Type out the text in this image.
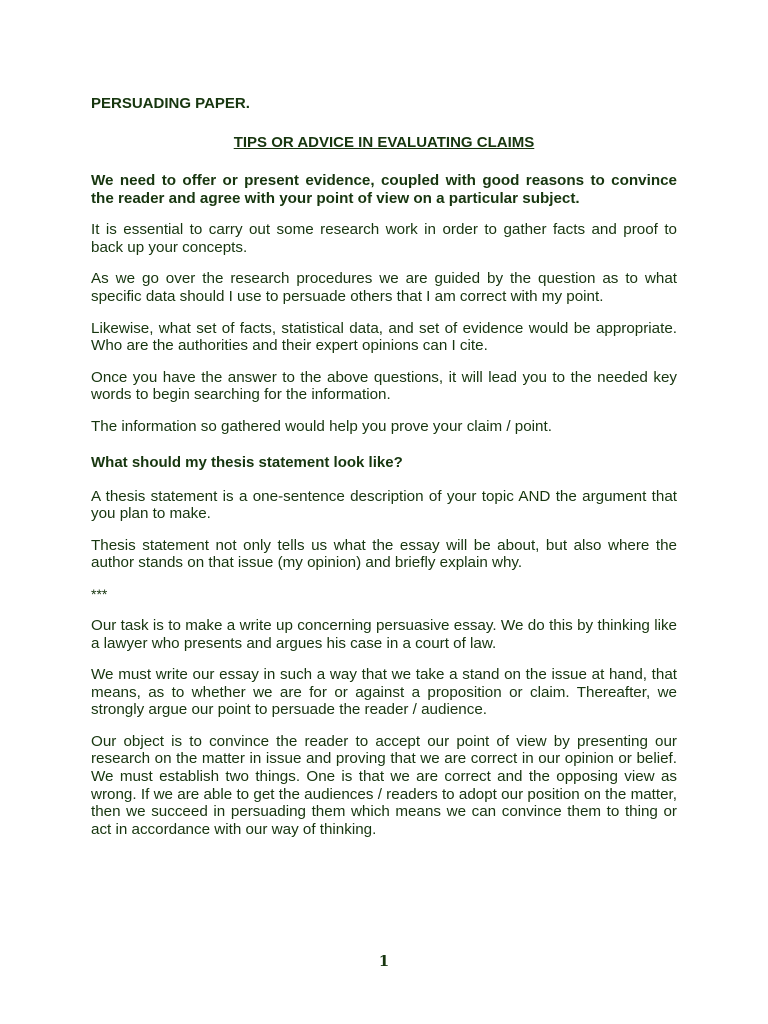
PERSUADING PAPER.
TIPS OR ADVICE IN EVALUATING CLAIMS

We need to offer or present evidence, coupled with good reasons to convince the reader and agree with your point of view on a particular subject.

It is essential to carry out some research work in order to gather facts and proof to back up your concepts.

As we go over the research procedures we are guided by the question as to what specific data should I use to persuade others that I am correct with my point.

Likewise, what set of facts, statistical data, and set of evidence would be appropriate. Who are the authorities and their expert opinions can I cite.

Once you have the answer to the above questions, it will lead you to the needed key words to begin searching for the information.

The information so gathered would help you prove your claim / point.

What should my thesis statement look like?

A thesis statement is a one-sentence description of your topic AND the argument that you plan to make.

Thesis statement not only tells us what the essay will be about, but also where the author stands on that issue (my opinion) and briefly explain why.

***

Our task is to make a write up concerning persuasive essay. We do this by thinking like a lawyer who presents and argues his case in a court of law.

We must write our essay in such a way that we take a stand on the issue at hand, that means, as to whether we are for or against a proposition or claim. Thereafter, we strongly argue our point to persuade the reader / audience.

Our object is to convince the reader to accept our point of view by presenting our research on the matter in issue and proving that we are correct in our opinion or belief. We must establish two things. One is that we are correct and the opposing view as wrong. If we are able to get the audiences / readers to adopt our position on the matter, then we succeed in persuading them which means we can convince them to thing or act in accordance with our way of thinking.

1
